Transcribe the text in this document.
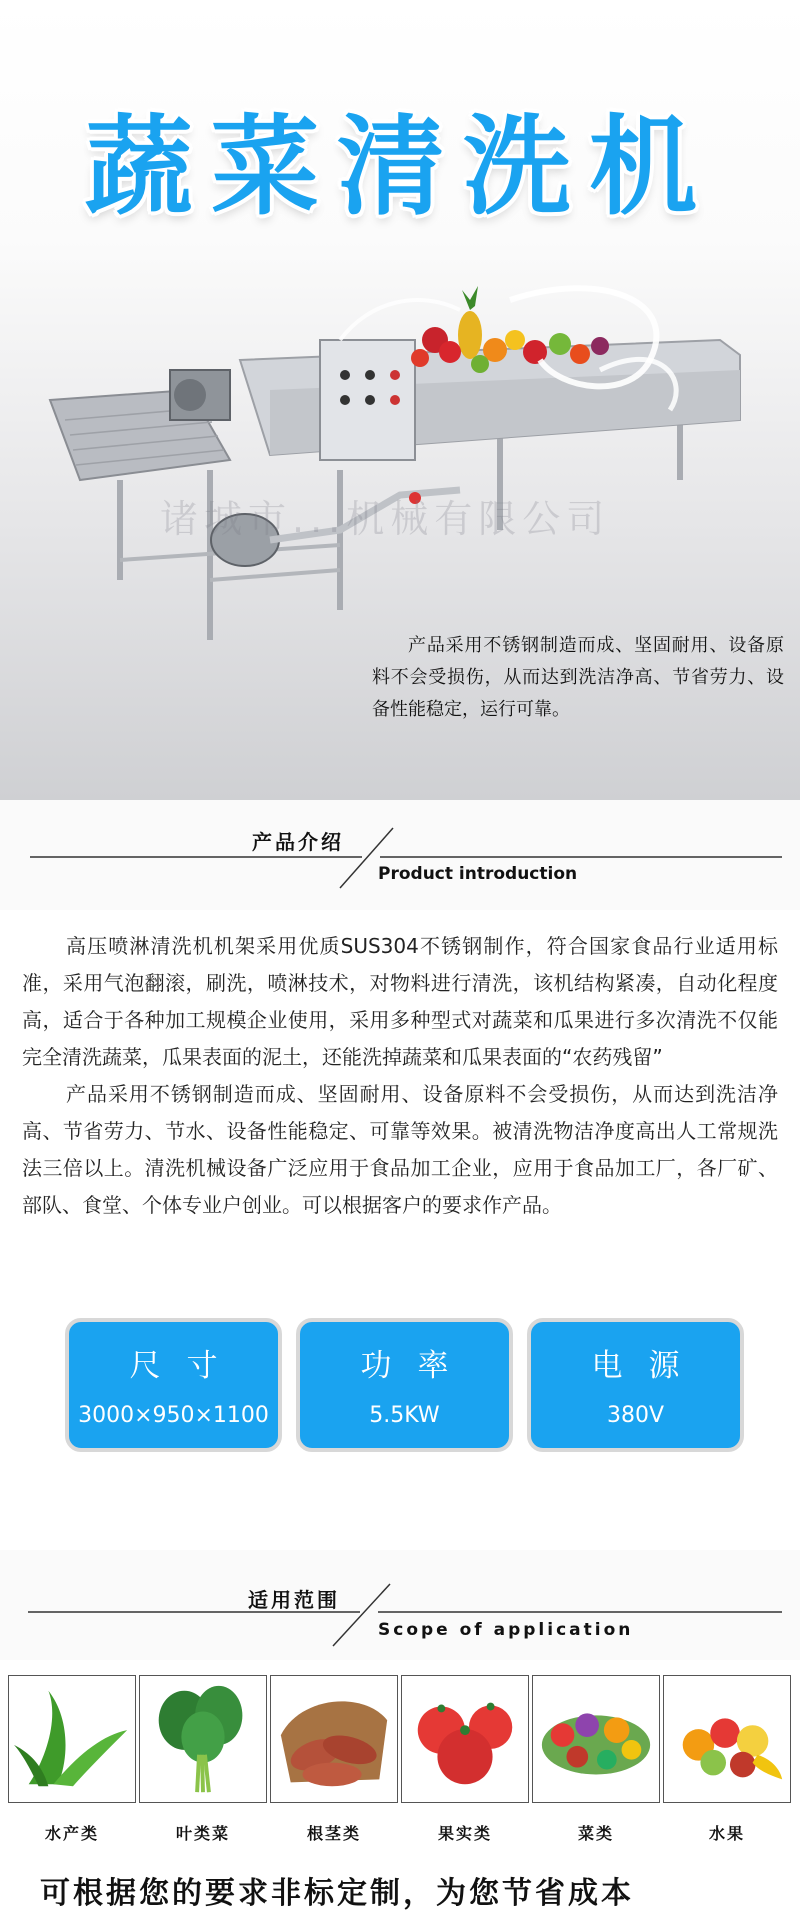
蔬菜清洗机
诸城市...机械有限公司

产品采用不锈钢制造而成、坚固耐用、设备原料不会受损伤，从而达到洗洁净高、节省劳力、设备性能稳定，运行可靠。

产品介绍
Product introduction

高压喷淋清洗机机架采用优质SUS304不锈钢制作，符合国家食品行业适用标准，采用气泡翻滚，刷洗，喷淋技术，对物料进行清洗，该机结构紧凑，自动化程度高，适合于各种加工规模企业使用，采用多种型式对蔬菜和瓜果进行多次清洗不仅能完全清洗蔬菜，瓜果表面的泥土，还能洗掉蔬菜和瓜果表面的“农药残留”

产品采用不锈钢制造而成、坚固耐用、设备原料不会受损伤，从而达到洗洁净高、节省劳力、节水、设备性能稳定、可靠等效果。被清洗物洁净度高出人工常规洗法三倍以上。清洗机械设备广泛应用于食品加工企业，应用于食品加工厂，各厂矿、部队、食堂、个体专业户创业。可以根据客户的要求作产品。

尺寸
3000×950×1100
功率
5.5KW
电源
380V
适用范围
Scope of application
水产类	叶类菜	根茎类	果实类	菜类	水果
可根据您的要求非标定制，为您节省成本
